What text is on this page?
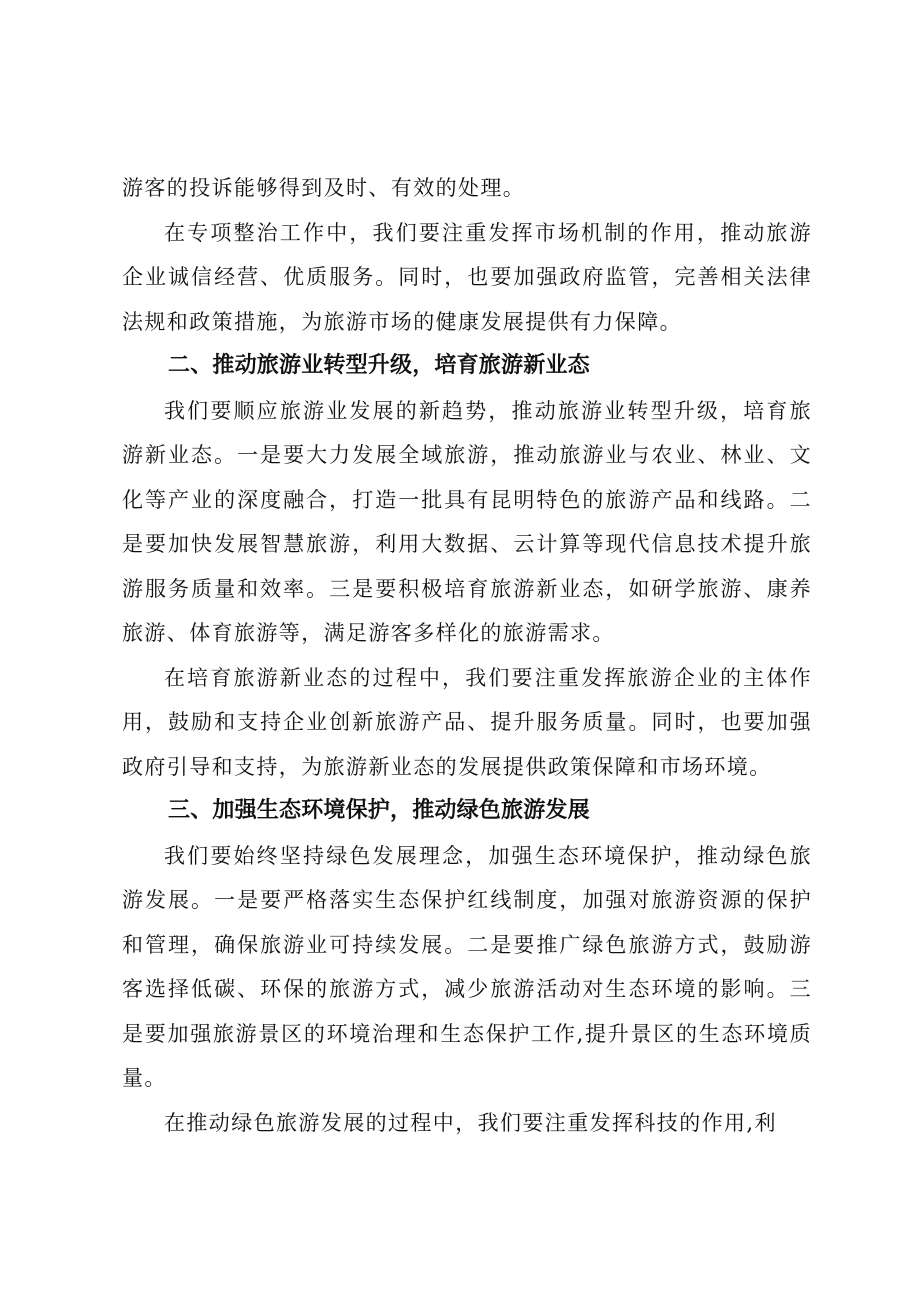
游客的投诉能够得到及时、有效的处理。

在专项整治工作中，我们要注重发挥市场机制的作用，推动旅游企业诚信经营、优质服务。同时，也要加强政府监管，完善相关法律法规和政策措施，为旅游市场的健康发展提供有力保障。

二、推动旅游业转型升级，培育旅游新业态

我们要顺应旅游业发展的新趋势，推动旅游业转型升级，培育旅游新业态。一是要大力发展全域旅游，推动旅游业与农业、林业、文化等产业的深度融合，打造一批具有昆明特色的旅游产品和线路。二是要加快发展智慧旅游，利用大数据、云计算等现代信息技术提升旅游服务质量和效率。三是要积极培育旅游新业态，如研学旅游、康养旅游、体育旅游等，满足游客多样化的旅游需求。

在培育旅游新业态的过程中，我们要注重发挥旅游企业的主体作用，鼓励和支持企业创新旅游产品、提升服务质量。同时，也要加强政府引导和支持，为旅游新业态的发展提供政策保障和市场环境。

三、加强生态环境保护，推动绿色旅游发展

我们要始终坚持绿色发展理念，加强生态环境保护，推动绿色旅游发展。一是要严格落实生态保护红线制度，加强对旅游资源的保护和管理，确保旅游业可持续发展。二是要推广绿色旅游方式，鼓励游客选择低碳、环保的旅游方式，减少旅游活动对生态环境的影响。三是要加强旅游景区的环境治理和生态保护工作,提升景区的生态环境质量。

在推动绿色旅游发展的过程中，我们要注重发挥科技的作用,利
